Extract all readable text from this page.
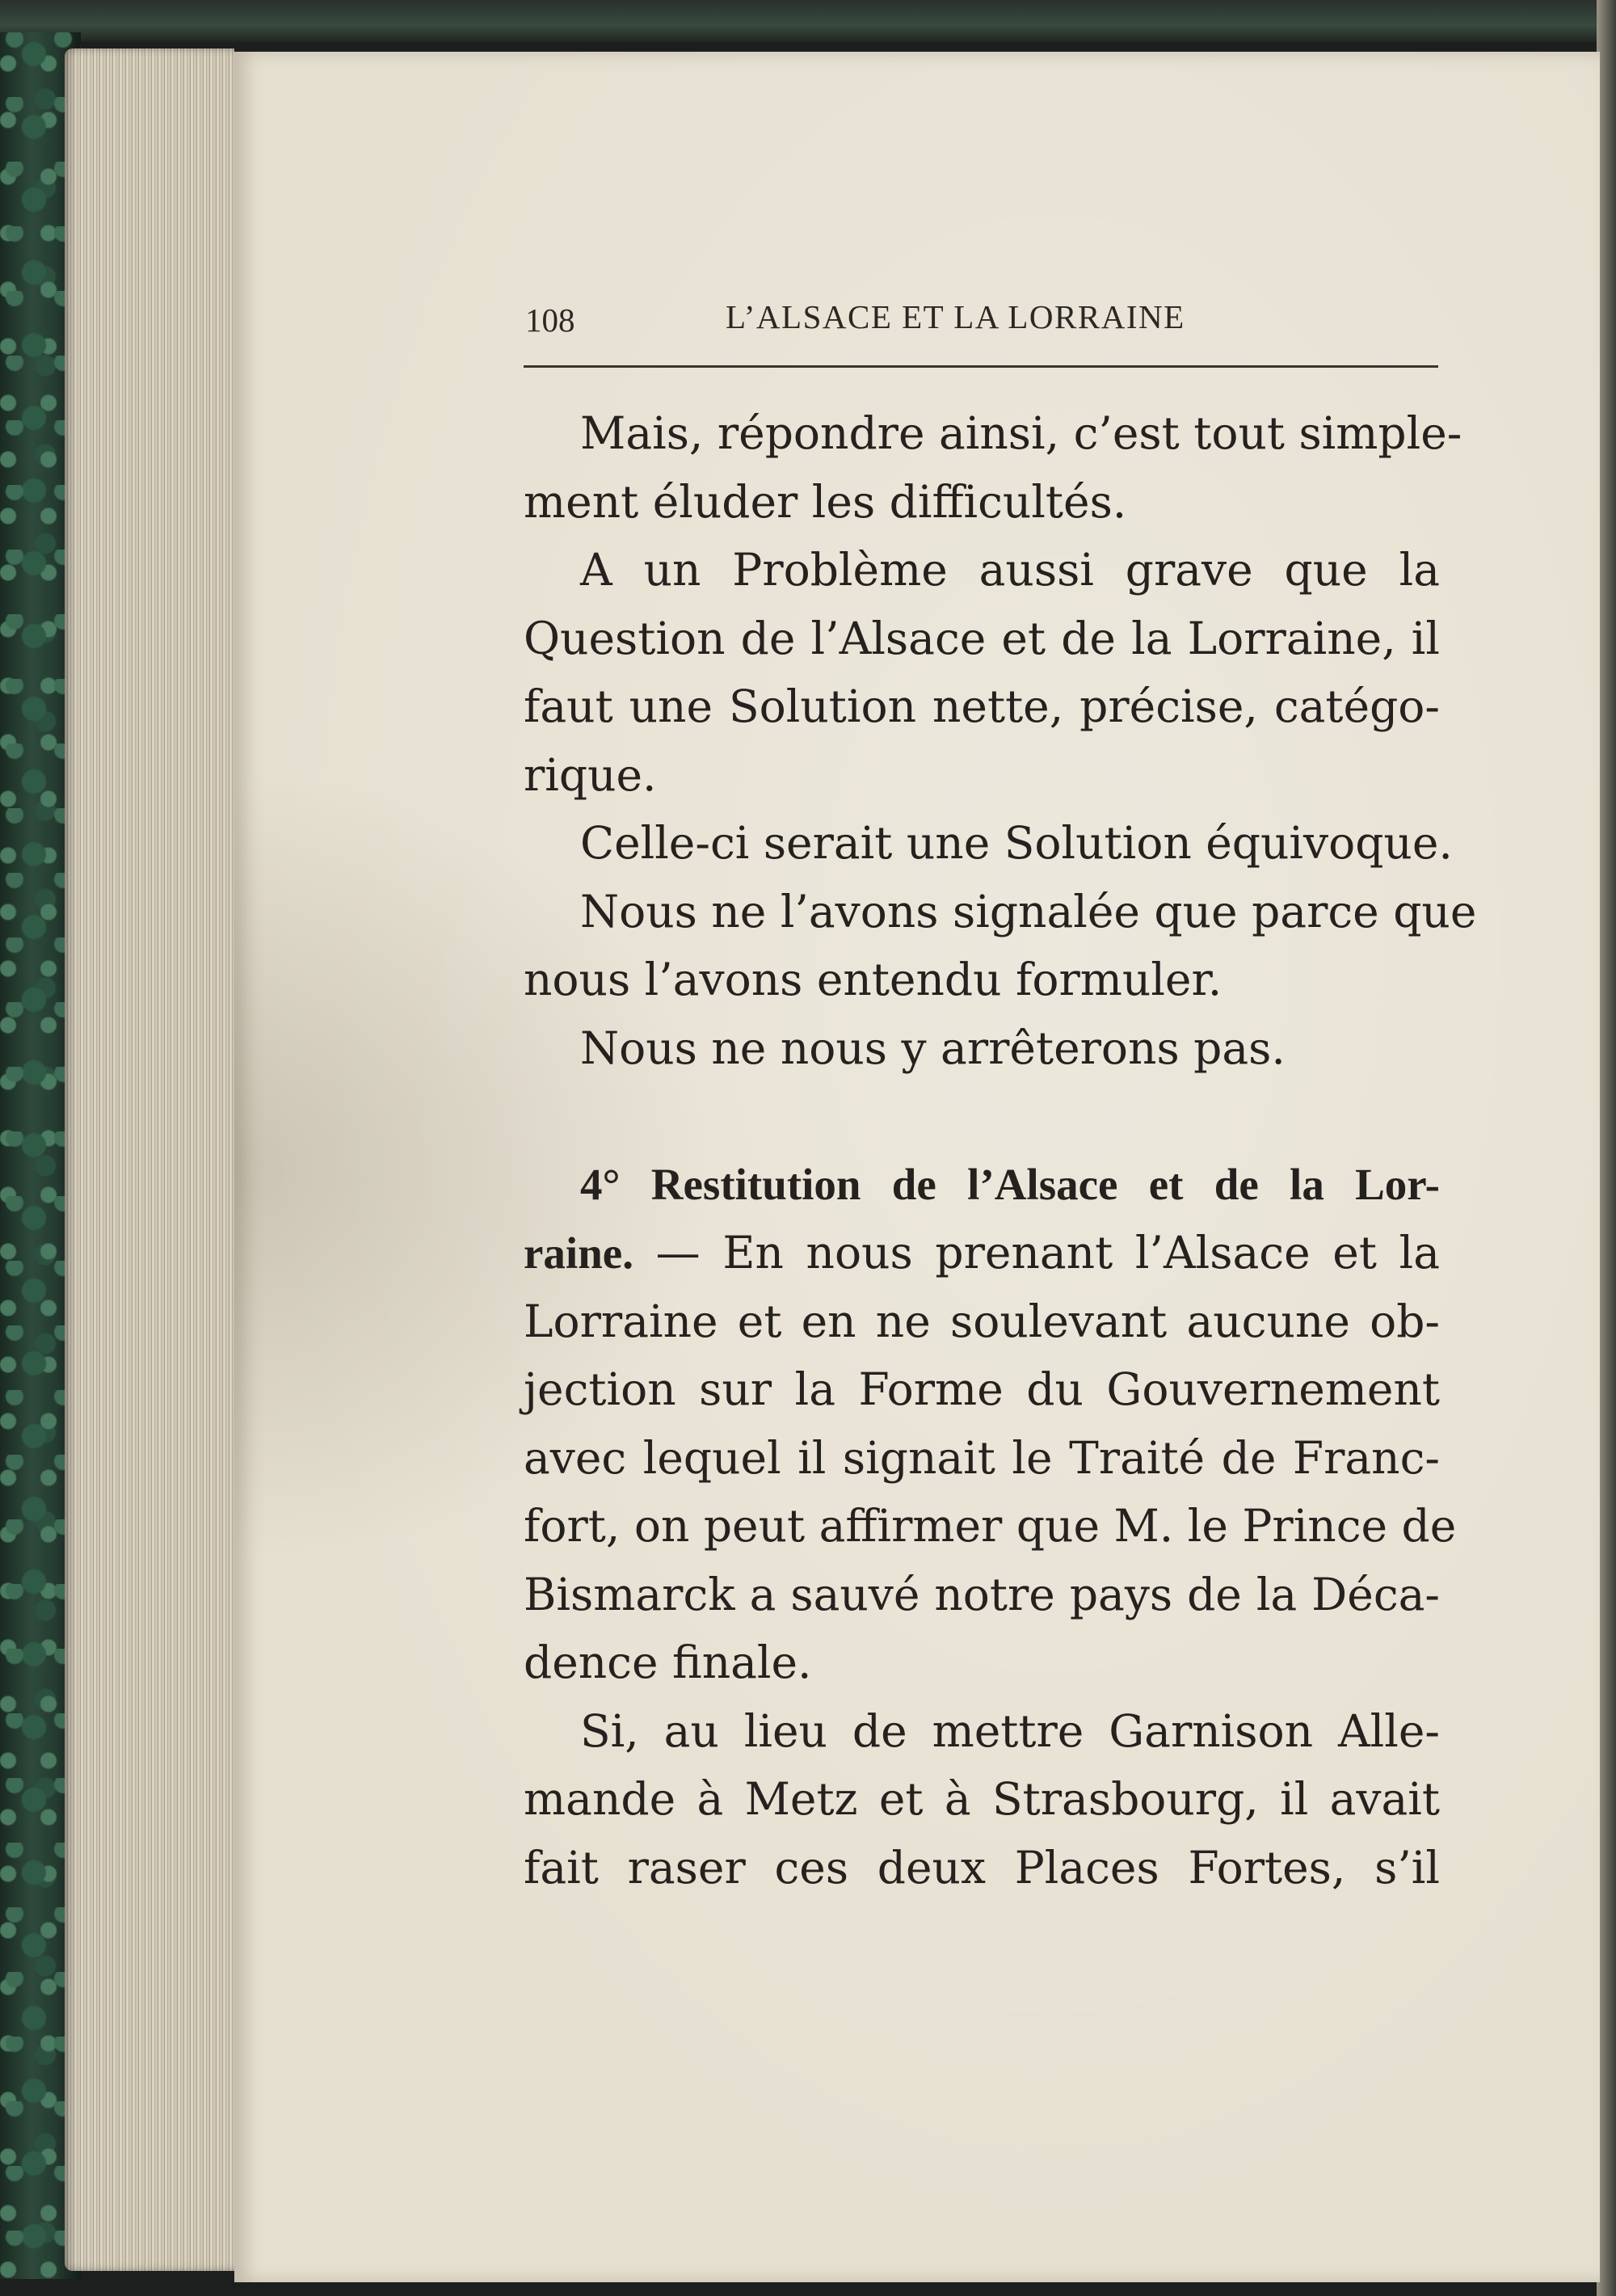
108	L’ALSACE ET LA LORRAINE
Mais, répondre ainsi, c’est tout simple-
ment éluder les difficultés.
A un Problème aussi grave que la
Question de l’Alsace et de la Lorraine, il
faut une Solution nette, précise, catégo-
rique.
Celle-ci serait une Solution équivoque.
Nous ne l’avons signalée que parce que
nous l’avons entendu formuler.
Nous ne nous y arrêterons pas.
4° Restitution de l’Alsace et de la Lor-
raine. — En nous prenant l’Alsace et la
Lorraine et en ne soulevant aucune ob-
jection sur la Forme du Gouvernement
avec lequel il signait le Traité de Franc-
fort, on peut affirmer que M. le Prince de
Bismarck a sauvé notre pays de la Déca-
dence finale.
Si, au lieu de mettre Garnison Alle-
mande à Metz et à Strasbourg, il avait
fait raser ces deux Places Fortes, s’il
